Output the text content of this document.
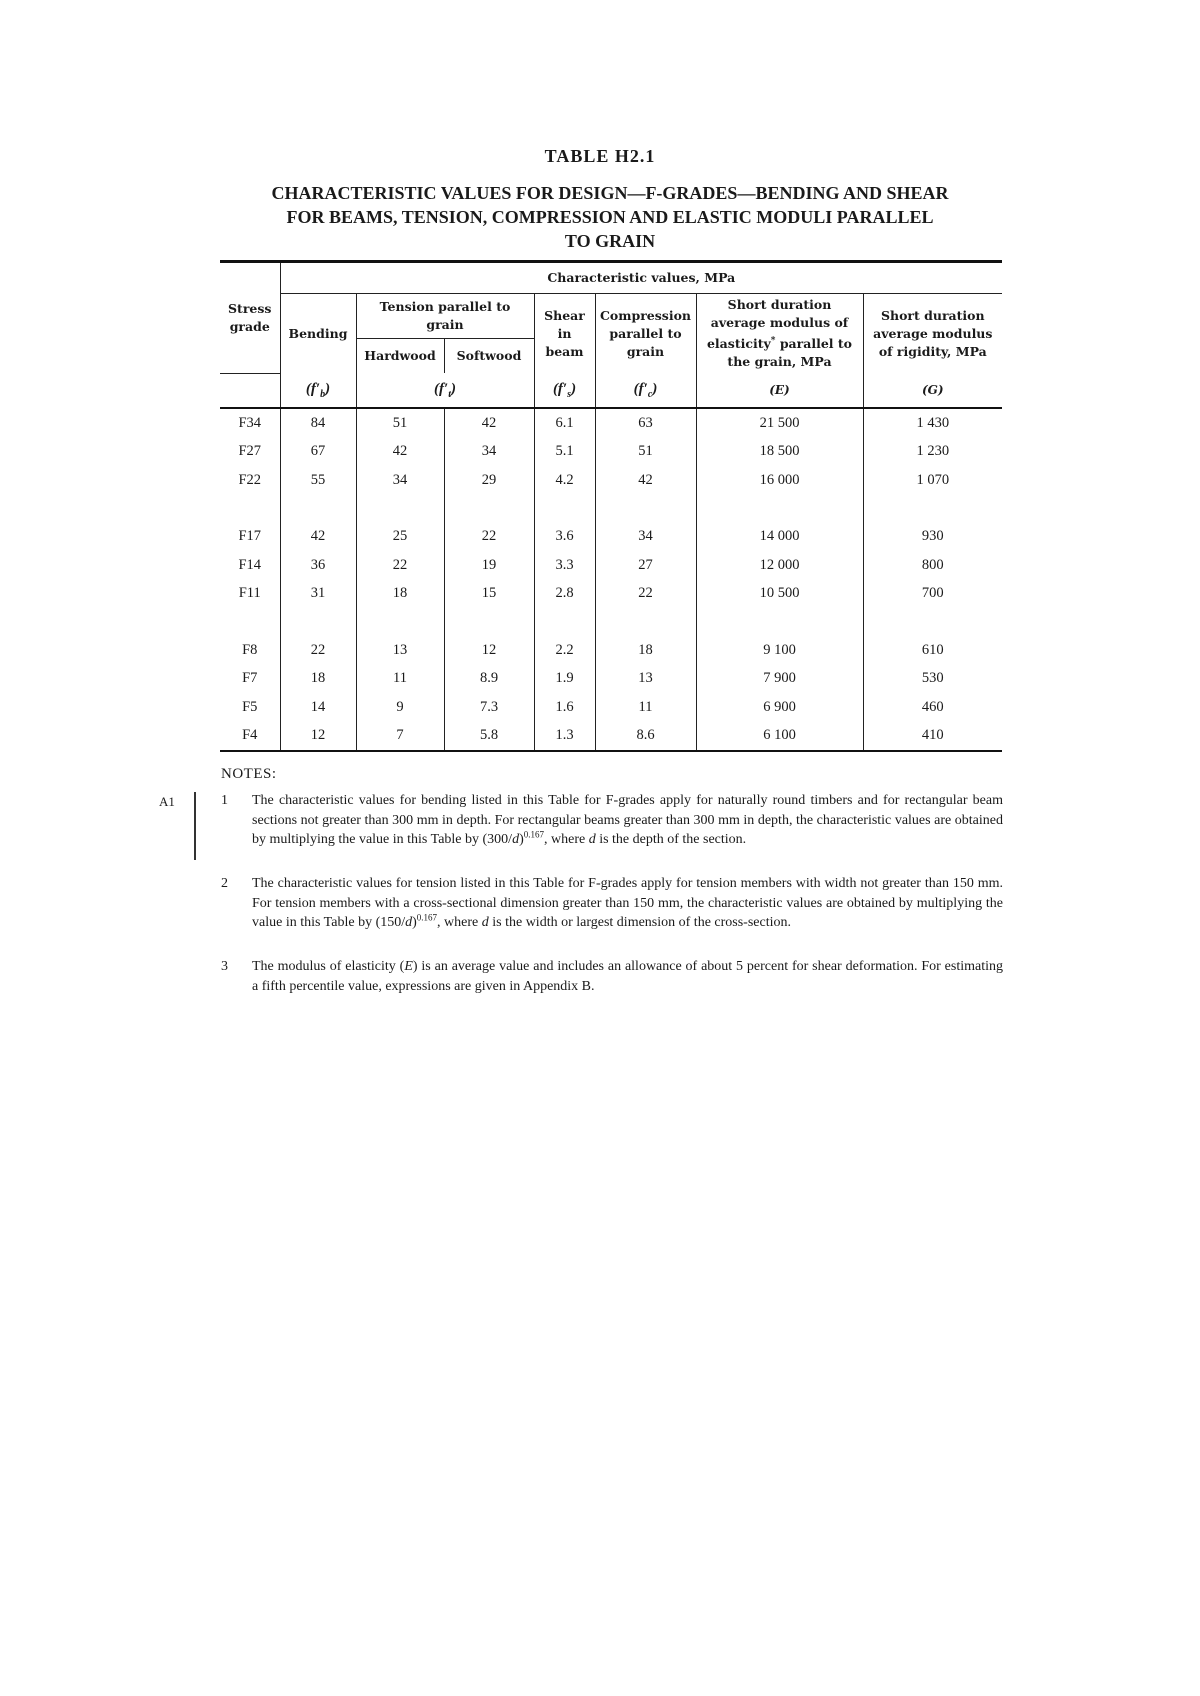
TABLE H2.1
CHARACTERISTIC VALUES FOR DESIGN—F-GRADES—BENDING AND SHEAR
FOR BEAMS, TENSION, COMPRESSION AND ELASTIC MODULI PARALLEL
TO GRAIN
Stress grade	Characteristic values, MPa						
	Bending	Tension parallel to grain		Shear in beam	Compression parallel to grain	Short duration average modulus of elasticity* parallel to the grain, MPa	Short duration average modulus of rigidity, MPa
		Hardwood	Softwood				
	$(f'_b)$	$(f'_t)$		$(f'_s)$	$(f'_c)$	(E)	(G)
F34	84	51	42	6.1	63	21 500	1 430
F27	67	42	34	5.1	51	18 500	1 230
F22	55	34	29	4.2	42	16 000	1 070

F17	42	25	22	3.6	34	14 000	930
F14	36	22	19	3.3	27	12 000	800
F11	31	18	15	2.8	22	10 500	700

F8	22	13	12	2.2	18	9 100	610
F7	18	11	8.9	1.9	13	7 900	530
F5	14	9	7.3	1.6	11	6 900	460
F4	12	7	5.8	1.3	8.6	6 100	410
NOTES:
A1	1	The characteristic values for bending listed in this Table for F-grades apply for naturally round timbers and for rectangular beam sections not greater than 300 mm in depth. For rectangular beams greater than 300 mm in depth, the characteristic values are obtained by multiplying the value in this Table by $(300/d)^{0.167}$, where d is the depth of the section.
2	The characteristic values for tension listed in this Table for F-grades apply for tension members with width not greater than 150 mm. For tension members with a cross-sectional dimension greater than 150 mm, the characteristic values are obtained by multiplying the value in this Table by $(150/d)^{0.167}$, where d is the width or largest dimension of the cross-section.
3	The modulus of elasticity (E) is an average value and includes an allowance of about 5 percent for shear deformation. For estimating a fifth percentile value, expressions are given in Appendix B.
